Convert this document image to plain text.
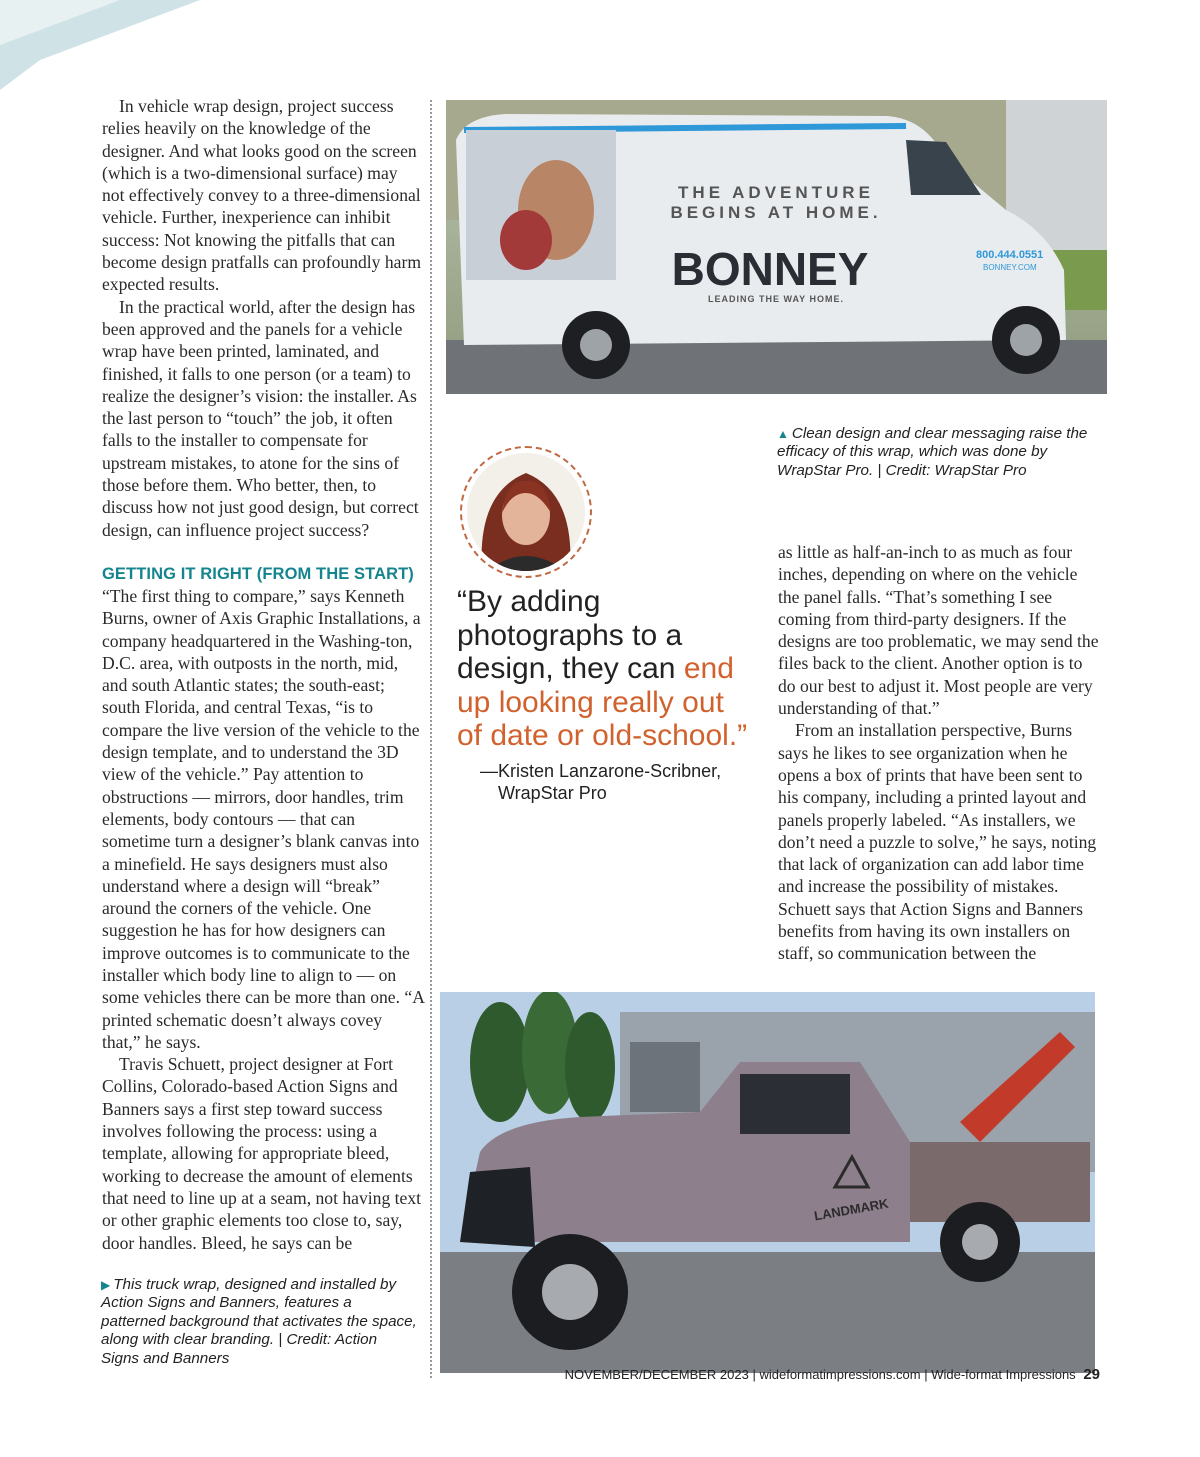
In vehicle wrap design, project success relies heavily on the knowledge of the designer. And what looks good on the screen (which is a two-dimensional surface) may not effectively convey to a three-dimensional vehicle. Further, inexperience can inhibit success: Not knowing the pitfalls that can become design pratfalls can profoundly harm expected results.

In the practical world, after the design has been approved and the panels for a vehicle wrap have been printed, laminated, and finished, it falls to one person (or a team) to realize the designer’s vision: the installer. As the last person to “touch” the job, it often falls to the installer to compensate for upstream mistakes, to atone for the sins of those before them. Who better, then, to discuss how not just good design, but correct design, can influence project success?

GETTING IT RIGHT (FROM THE START)

“The first thing to compare,” says Kenneth Burns, owner of Axis Graphic Installations, a company headquartered in the Washing-ton, D.C. area, with outposts in the north, mid, and south Atlantic states; the south-east; south Florida, and central Texas, “is to compare the live version of the vehicle to the design template, and to understand the 3D view of the vehicle.” Pay attention to obstructions — mirrors, door handles, trim elements, body contours — that can sometime turn a designer’s blank canvas into a minefield. He says designers must also understand where a design will “break” around the corners of the vehicle. One suggestion he has for how designers can improve outcomes is to communicate to the installer which body line to align to — on some vehicles there can be more than one. “A printed schematic doesn’t always covey that,” he says.

Travis Schuett, project designer at Fort Collins, Colorado-based Action Signs and Banners says a first step toward success involves following the process: using a template, allowing for appropriate bleed, working to decrease the amount of elements that need to line up at a seam, not having text or other graphic elements too close to, say, door handles. Bleed, he says can be

THE ADVENTURE
BEGINS AT HOME.
BONNEY
LEADING THE WAY HOME.
800.444.0551
BONNEY.COM
▲ Clean design and clear messaging raise the efficacy of this wrap, which was done by WrapStar Pro. | Credit: WrapStar Pro
“By adding photographs to a design, they can end up looking really out of date or old-school.”
—Kristen Lanzarone-Scribner,
WrapStar Pro

as little as half-an-inch to as much as four inches, depending on where on the vehicle the panel falls. “That’s something I see coming from third-party designers. If the designs are too problematic, we may send the files back to the client. Another option is to do our best to adjust it. Most people are very understanding of that.”

From an installation perspective, Burns says he likes to see organization when he opens a box of prints that have been sent to his company, including a printed layout and panels properly labeled. “As installers, we don’t need a puzzle to solve,” he says, noting that lack of organization can add labor time and increase the possibility of mistakes. Schuett says that Action Signs and Banners benefits from having its own installers on staff, so communication between the

LANDMARK
▶ This truck wrap, designed and installed by Action Signs and Banners, features a patterned background that activates the space, along with clear branding. | Credit: Action Signs and Banners
NOVEMBER/DECEMBER 2023 | wideformatimpressions.com | Wide-format Impressions 29
